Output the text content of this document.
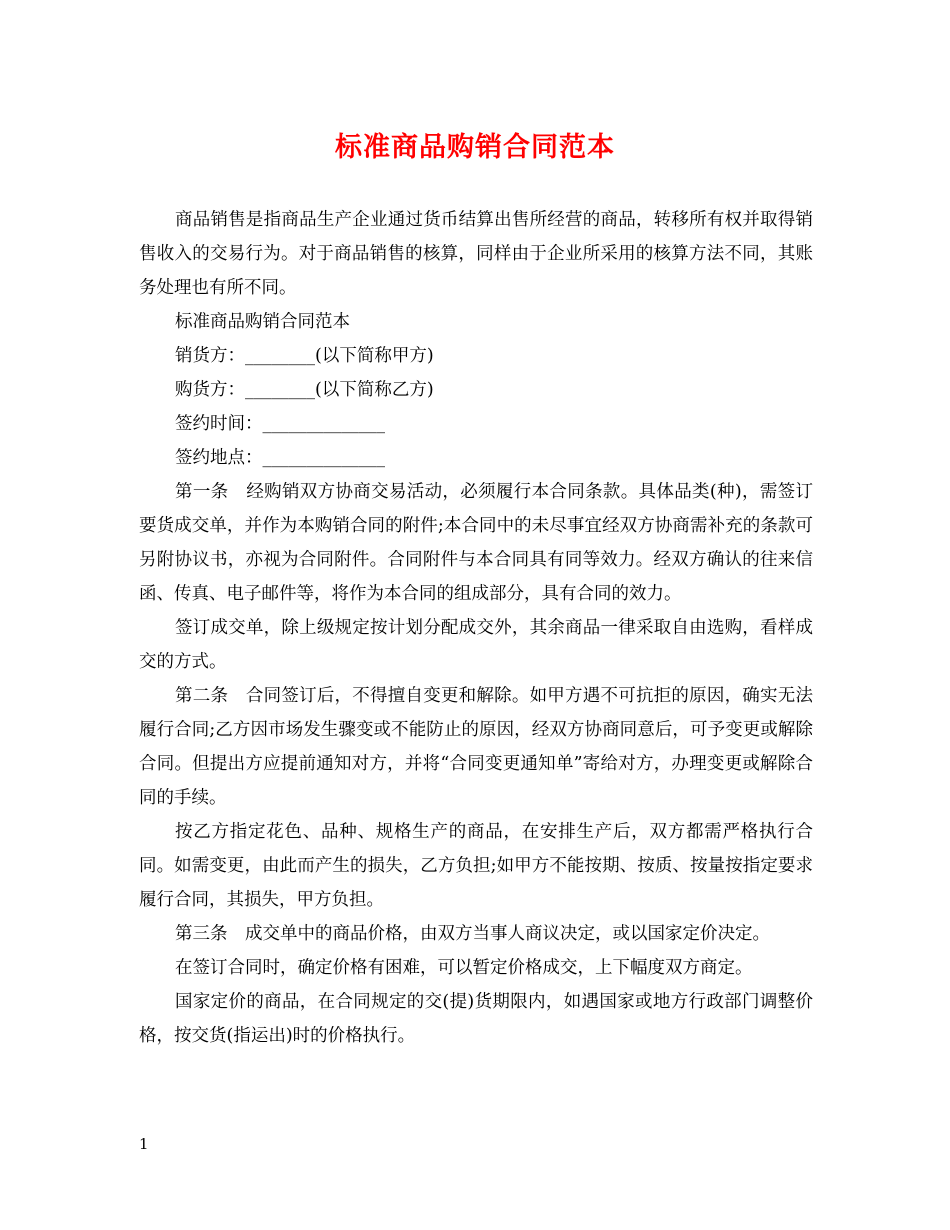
标准商品购销合同范本

商品销售是指商品生产企业通过货币结算出售所经营的商品，转移所有权并取得销售收入的交易行为。对于商品销售的核算，同样由于企业所采用的核算方法不同，其账务处理也有所不同。

标准商品购销合同范本

销货方：________(以下简称甲方)

购货方：________(以下简称乙方)

签约时间：______________

签约地点：______________

第一条　经购销双方协商交易活动，必须履行本合同条款。具体品类(种)，需签订要货成交单，并作为本购销合同的附件;本合同中的未尽事宜经双方协商需补充的条款可另附协议书，亦视为合同附件。合同附件与本合同具有同等效力。经双方确认的往来信函、传真、电子邮件等，将作为本合同的组成部分，具有合同的效力。

签订成交单，除上级规定按计划分配成交外，其余商品一律采取自由选购，看样成交的方式。

第二条　合同签订后，不得擅自变更和解除。如甲方遇不可抗拒的原因，确实无法履行合同;乙方因市场发生骤变或不能防止的原因，经双方协商同意后，可予变更或解除合同。但提出方应提前通知对方，并将“合同变更通知单”寄给对方，办理变更或解除合同的手续。

按乙方指定花色、品种、规格生产的商品，在安排生产后，双方都需严格执行合同。如需变更，由此而产生的损失，乙方负担;如甲方不能按期、按质、按量按指定要求履行合同，其损失，甲方负担。

第三条　成交单中的商品价格，由双方当事人商议决定，或以国家定价决定。

在签订合同时，确定价格有困难，可以暂定价格成交，上下幅度双方商定。

国家定价的商品，在合同规定的交(提)货期限内，如遇国家或地方行政部门调整价格，按交货(指运出)时的价格执行。

1
